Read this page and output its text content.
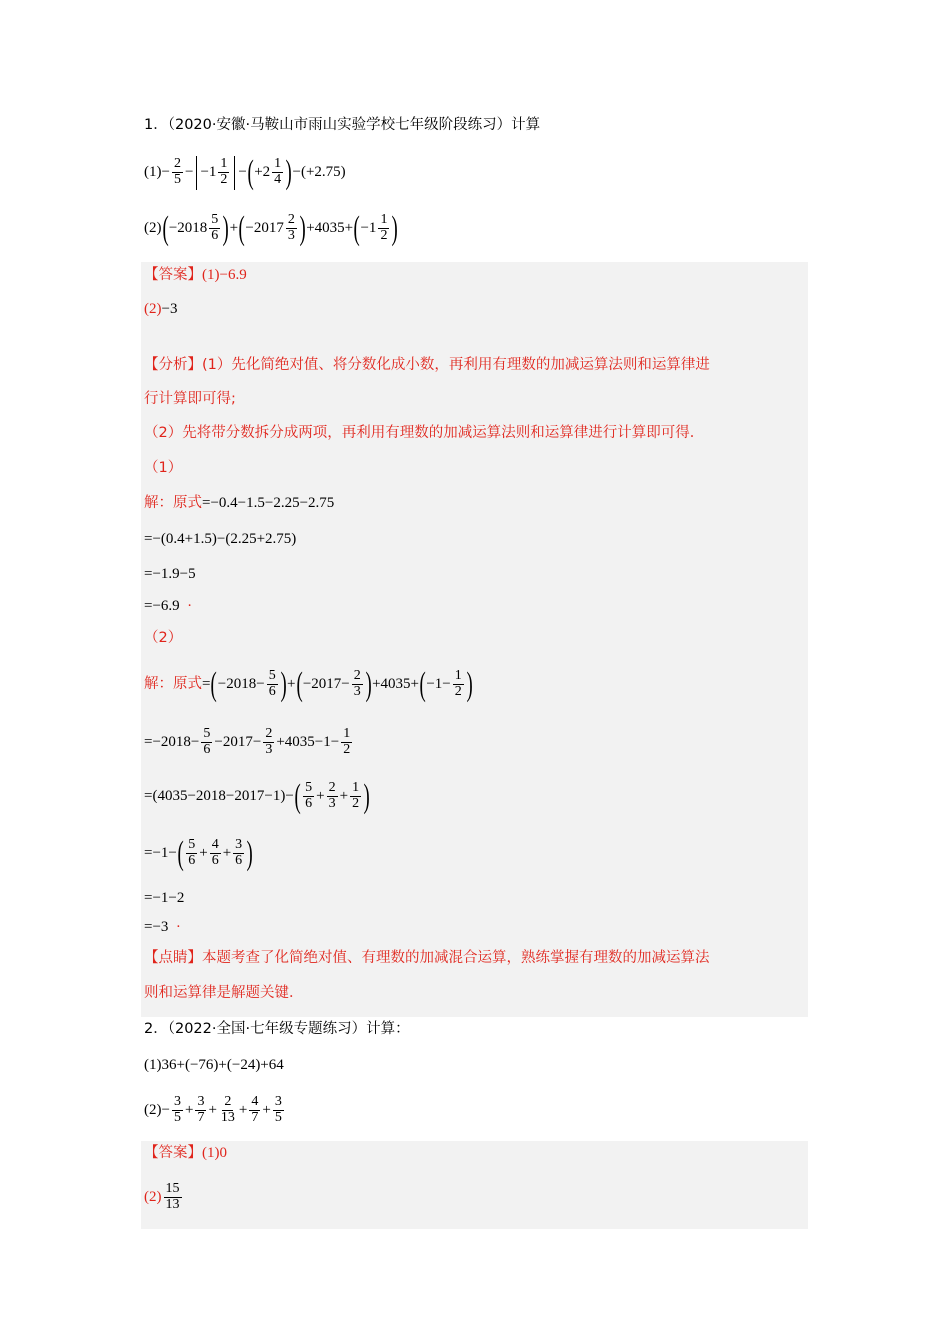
1．（2020·安徽·马鞍山市雨山实验学校七年级阶段练习）计算
$(1)- \frac{2}{5} - -1 \frac{1}{2} -(+2 \frac{1}{4} )-(+2.75)$
$(2)(-2018 \frac{5}{6} )+(-2017 \frac{2}{3} )+4035+(-1 \frac{1}{2}$ )
【答案】(1)−6.9
(2)−3
【分析】(1）先化简绝对值、将分数化成小数，再利用有理数的加减运算法则和运算律进
行计算即可得;
（2）先将带分数拆分成两项，再利用有理数的加减运算法则和运算律进行计算即可得．
（1）
解：原式=−0.4−1.5−2.25−2.75
=−(0.4+1.5)−(2.25+2.75)
=−1.9−5
=−6.9  ·
（2）
解：原式$=(-2018- \frac{5}{6} )+(-2017- \frac{2}{3} )+4035+(-1- \frac{1}{2}$ )
$=-2018- \frac{5}{6} -2017- \frac{2}{3} +4035-1- \frac{1}{2}$
$=(4035-2018-2017-1)-( \frac{5}{6} + \frac{2}{3} + \frac{1}{2}$ )
$=-1-( \frac{5}{6} + \frac{4}{6} + \frac{3}{6}$ )
=−1−2
=−3  ·
【点睛】本题考查了化简绝对值、有理数的加减混合运算，熟练掌握有理数的加减运算法
则和运算律是解题关键．
2．（2022·全国·七年级专题练习）计算：
(1)36+(−76)+(−24)+64
$(2)- \frac{3}{5} + \frac{3}{7} + \frac{2}{13} + \frac{4}{7} + \frac{3}{5}$
【答案】(1)0
$(2) \frac{15}{13}$
